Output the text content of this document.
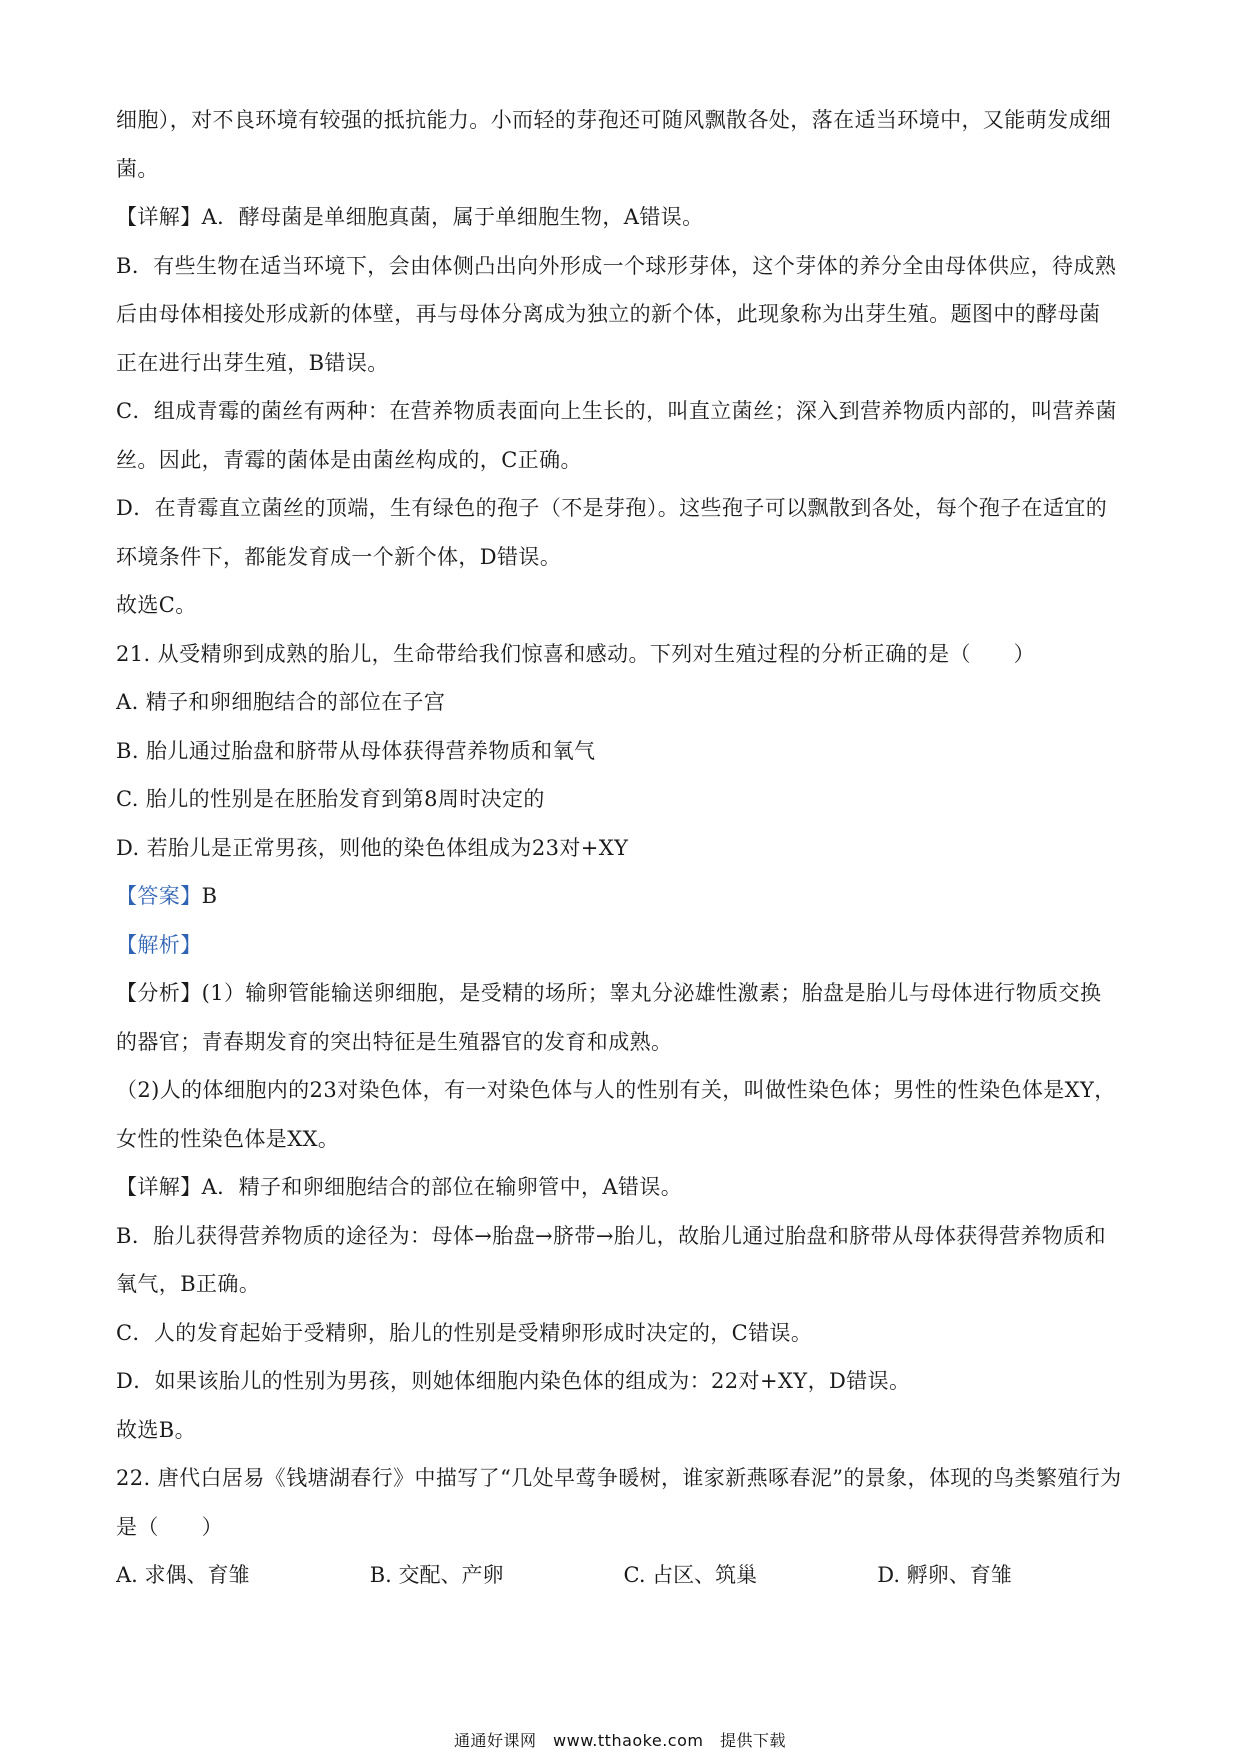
细胞），对不良环境有较强的抵抗能力。小而轻的芽孢还可随风飘散各处，落在适当环境中，又能萌发成细
菌。
【详解】A．酵母菌是单细胞真菌，属于单细胞生物，A错误。
B．有些生物在适当环境下，会由体侧凸出向外形成一个球形芽体，这个芽体的养分全由母体供应，待成熟
后由母体相接处形成新的体壁，再与母体分离成为独立的新个体，此现象称为出芽生殖。题图中的酵母菌
正在进行出芽生殖，B错误。
C．组成青霉的菌丝有两种：在营养物质表面向上生长的，叫直立菌丝；深入到营养物质内部的，叫营养菌
丝。因此，青霉的菌体是由菌丝构成的，C正确。
D．在青霉直立菌丝的顶端，生有绿色的孢子（不是芽孢）。这些孢子可以飘散到各处，每个孢子在适宜的
环境条件下，都能发育成一个新个体，D错误。
故选C。
21. 从受精卵到成熟的胎儿，生命带给我们惊喜和感动。下列对生殖过程的分析正确的是（　　）
A. 精子和卵细胞结合的部位在子宫
B. 胎儿通过胎盘和脐带从母体获得营养物质和氧气
C. 胎儿的性别是在胚胎发育到第8周时决定的
D. 若胎儿是正常男孩，则他的染色体组成为23对+XY
【答案】B
【解析】
【分析】(1）输卵管能输送卵细胞，是受精的场所；睾丸分泌雄性激素；胎盘是胎儿与母体进行物质交换
的器官；青春期发育的突出特征是生殖器官的发育和成熟。
（2)人的体细胞内的23对染色体，有一对染色体与人的性别有关，叫做性染色体；男性的性染色体是XY，
女性的性染色体是XX。
【详解】A．精子和卵细胞结合的部位在输卵管中，A错误。
B．胎儿获得营养物质的途径为：母体→胎盘→脐带→胎儿，故胎儿通过胎盘和脐带从母体获得营养物质和
氧气，B正确。
C．人的发育起始于受精卵，胎儿的性别是受精卵形成时决定的，C错误。
D．如果该胎儿的性别为男孩，则她体细胞内染色体的组成为：22对+XY，D错误。
故选B。
22. 唐代白居易《钱塘湖春行》中描写了“几处早莺争暖树，谁家新燕啄春泥”的景象，体现的鸟类繁殖行为
是（　　）
A. 求偶、育雏	B. 交配、产卵	C. 占区、筑巢	D. 孵卵、育雏
通通好课网　www.tthaoke.com　提供下载
